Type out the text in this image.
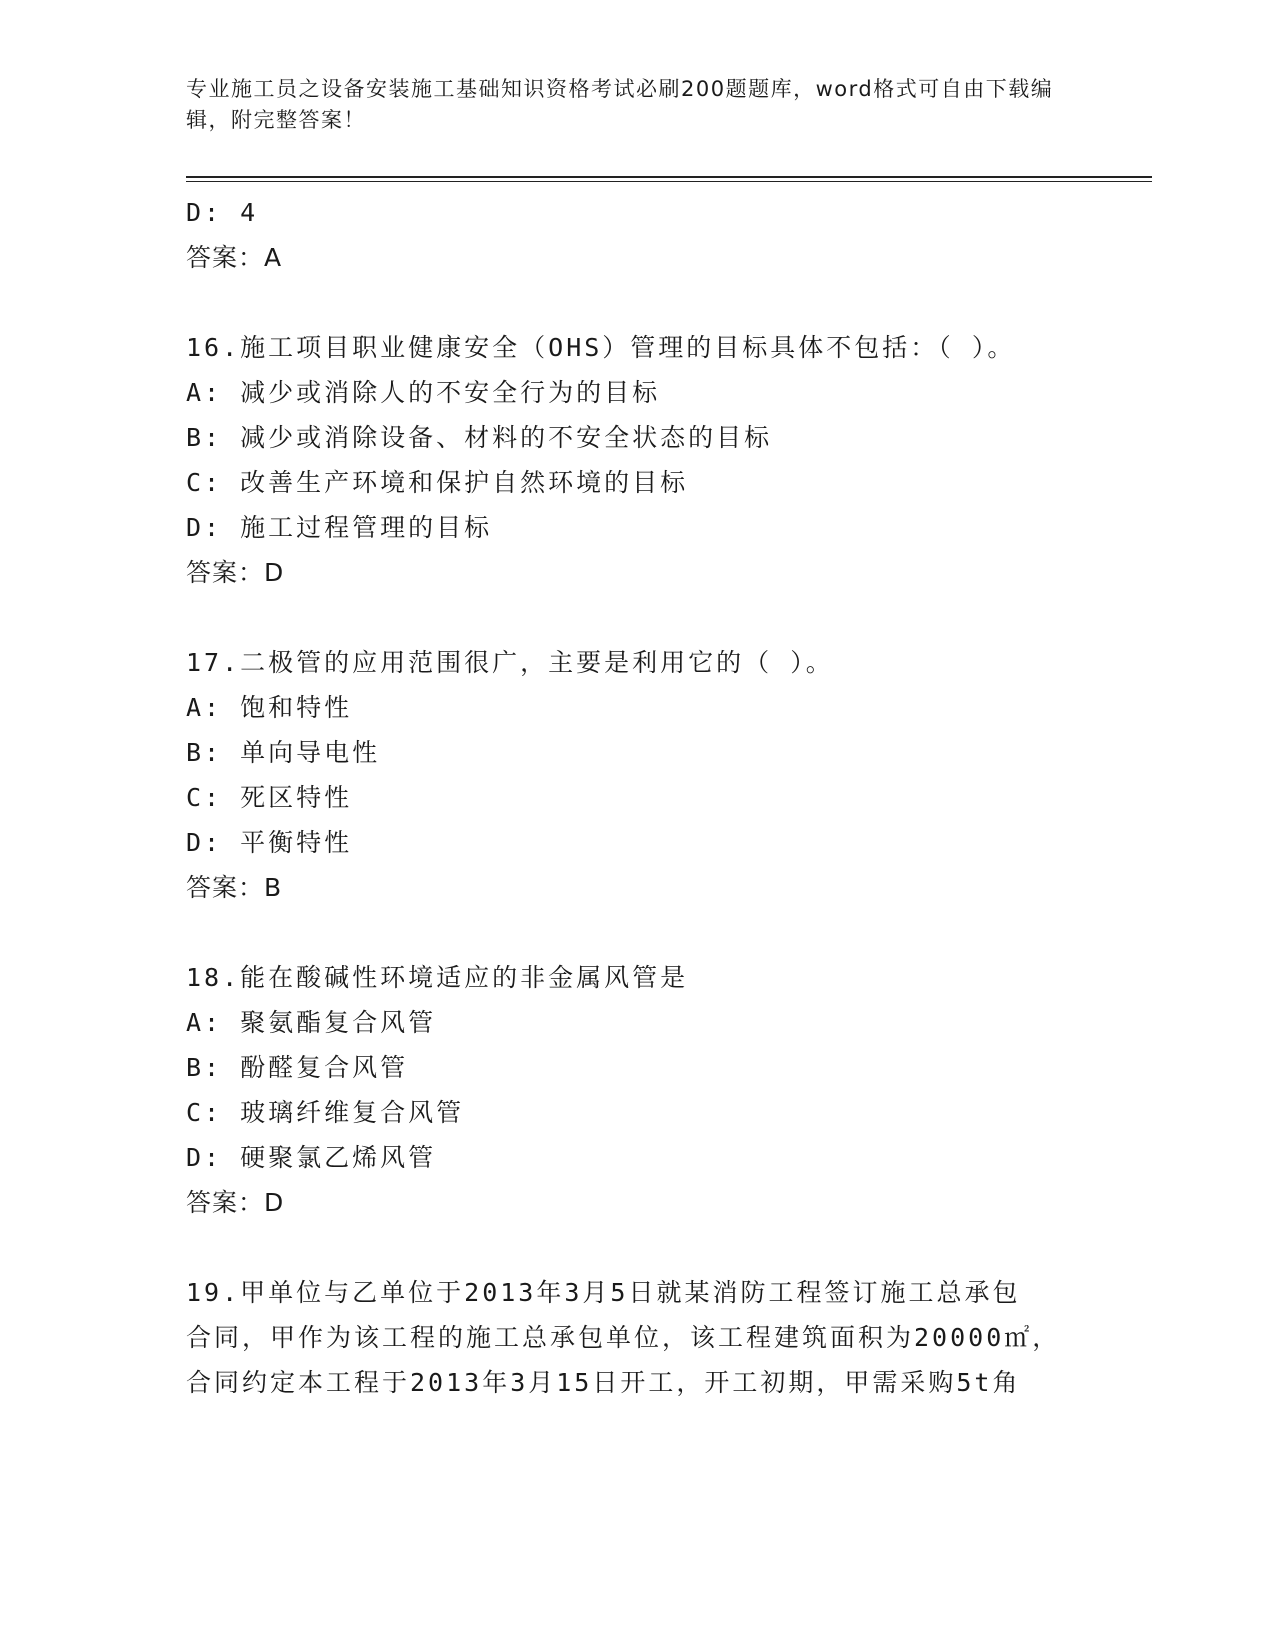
专业施工员之设备安装施工基础知识资格考试必刷200题题库，word格式可自由下载编辑，附完整答案！
D: 4
答案：A
16.施工项目职业健康安全（OHS）管理的目标具体不包括：（ ）。
A: 减少或消除人的不安全行为的目标
B: 减少或消除设备、材料的不安全状态的目标
C: 改善生产环境和保护自然环境的目标
D: 施工过程管理的目标
答案：D
17.二极管的应用范围很广，主要是利用它的（ ）。
A: 饱和特性
B: 单向导电性
C: 死区特性
D: 平衡特性
答案：B
18.能在酸碱性环境适应的非金属风管是
A: 聚氨酯复合风管
B: 酚醛复合风管
C: 玻璃纤维复合风管
D: 硬聚氯乙烯风管
答案：D
19.甲单位与乙单位于2013年3月5日就某消防工程签订施工总承包
合同，甲作为该工程的施工总承包单位，该工程建筑面积为20000㎡，
合同约定本工程于2013年3月15日开工，开工初期，甲需采购5t角
